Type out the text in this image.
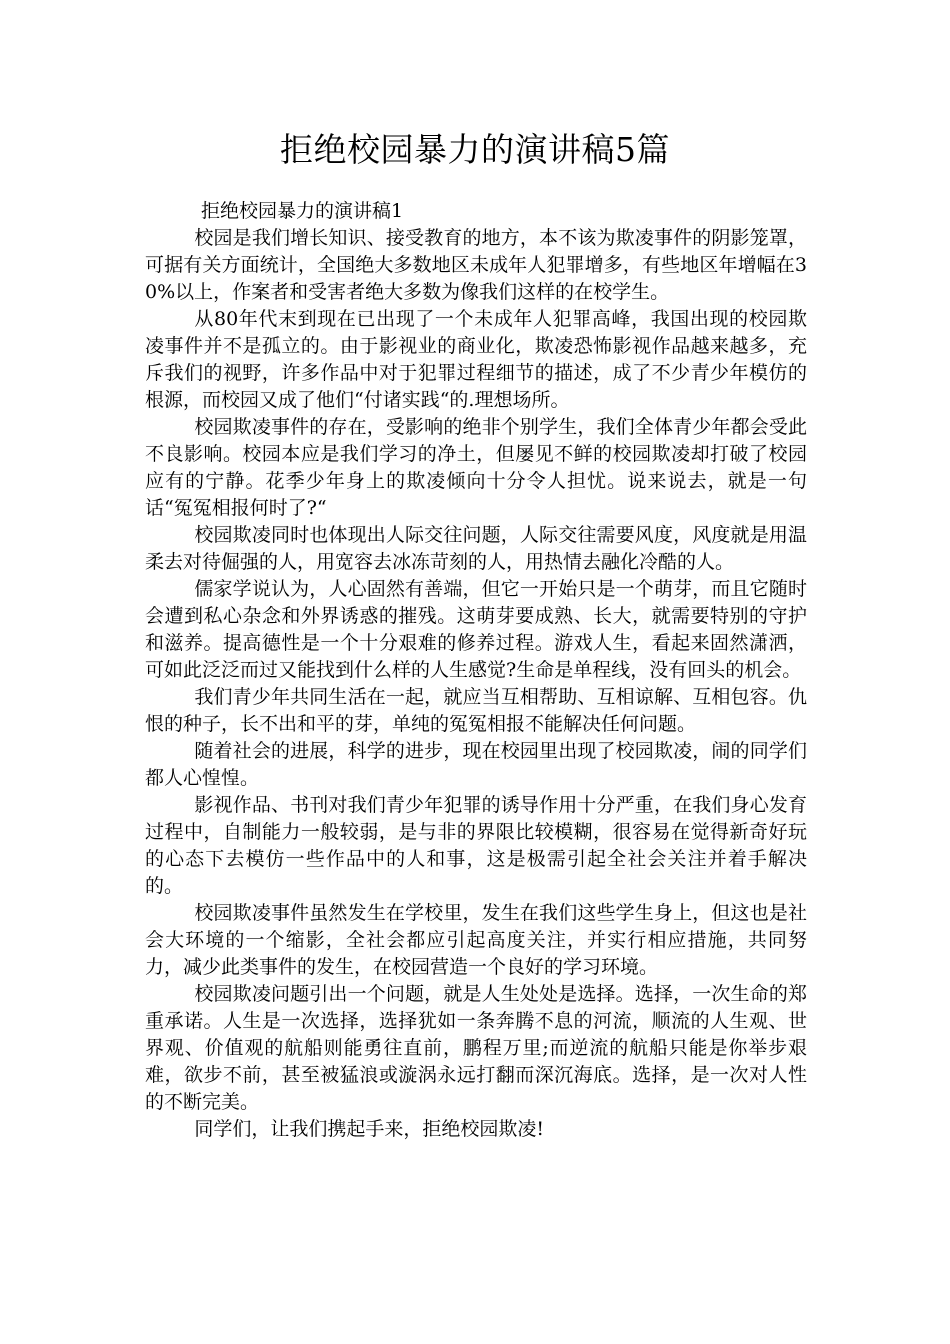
拒绝校园暴力的演讲稿5篇

拒绝校园暴力的演讲稿1

校园是我们增长知识、接受教育的地方，本不该为欺凌事件的阴影笼罩，可据有关方面统计，全国绝大多数地区未成年人犯罪增多，有些地区年增幅在30%以上，作案者和受害者绝大多数为像我们这样的在校学生。

从80年代末到现在已出现了一个未成年人犯罪高峰，我国出现的校园欺凌事件并不是孤立的。由于影视业的商业化，欺凌恐怖影视作品越来越多，充斥我们的视野，许多作品中对于犯罪过程细节的描述，成了不少青少年模仿的根源，而校园又成了他们“付诸实践“的.理想场所。

校园欺凌事件的存在，受影响的绝非个别学生，我们全体青少年都会受此不良影响。校园本应是我们学习的净土，但屡见不鲜的校园欺凌却打破了校园应有的宁静。花季少年身上的欺凌倾向十分令人担忧。说来说去，就是一句话“冤冤相报何时了?“

校园欺凌同时也体现出人际交往问题，人际交往需要风度，风度就是用温柔去对待倔强的人，用宽容去冰冻苛刻的人，用热情去融化冷酷的人。

儒家学说认为，人心固然有善端，但它一开始只是一个萌芽，而且它随时会遭到私心杂念和外界诱惑的摧残。这萌芽要成熟、长大，就需要特别的守护和滋养。提高德性是一个十分艰难的修养过程。游戏人生，看起来固然潇洒，可如此泛泛而过又能找到什么样的人生感觉?生命是单程线，没有回头的机会。

我们青少年共同生活在一起，就应当互相帮助、互相谅解、互相包容。仇恨的种子，长不出和平的芽，单纯的冤冤相报不能解决任何问题。

随着社会的进展，科学的进步，现在校园里出现了校园欺凌，闹的同学们都人心惶惶。

影视作品、书刊对我们青少年犯罪的诱导作用十分严重，在我们身心发育过程中，自制能力一般较弱，是与非的界限比较模糊，很容易在觉得新奇好玩的心态下去模仿一些作品中的人和事，这是极需引起全社会关注并着手解决的。

校园欺凌事件虽然发生在学校里，发生在我们这些学生身上，但这也是社会大环境的一个缩影，全社会都应引起高度关注，并实行相应措施，共同努力，减少此类事件的发生，在校园营造一个良好的学习环境。

校园欺凌问题引出一个问题，就是人生处处是选择。选择，一次生命的郑重承诺。人生是一次选择，选择犹如一条奔腾不息的河流，顺流的人生观、世界观、价值观的航船则能勇往直前，鹏程万里;而逆流的航船只能是你举步艰难，欲步不前，甚至被猛浪或漩涡永远打翻而深沉海底。选择，是一次对人性的不断完美。

同学们，让我们携起手来，拒绝校园欺凌!
